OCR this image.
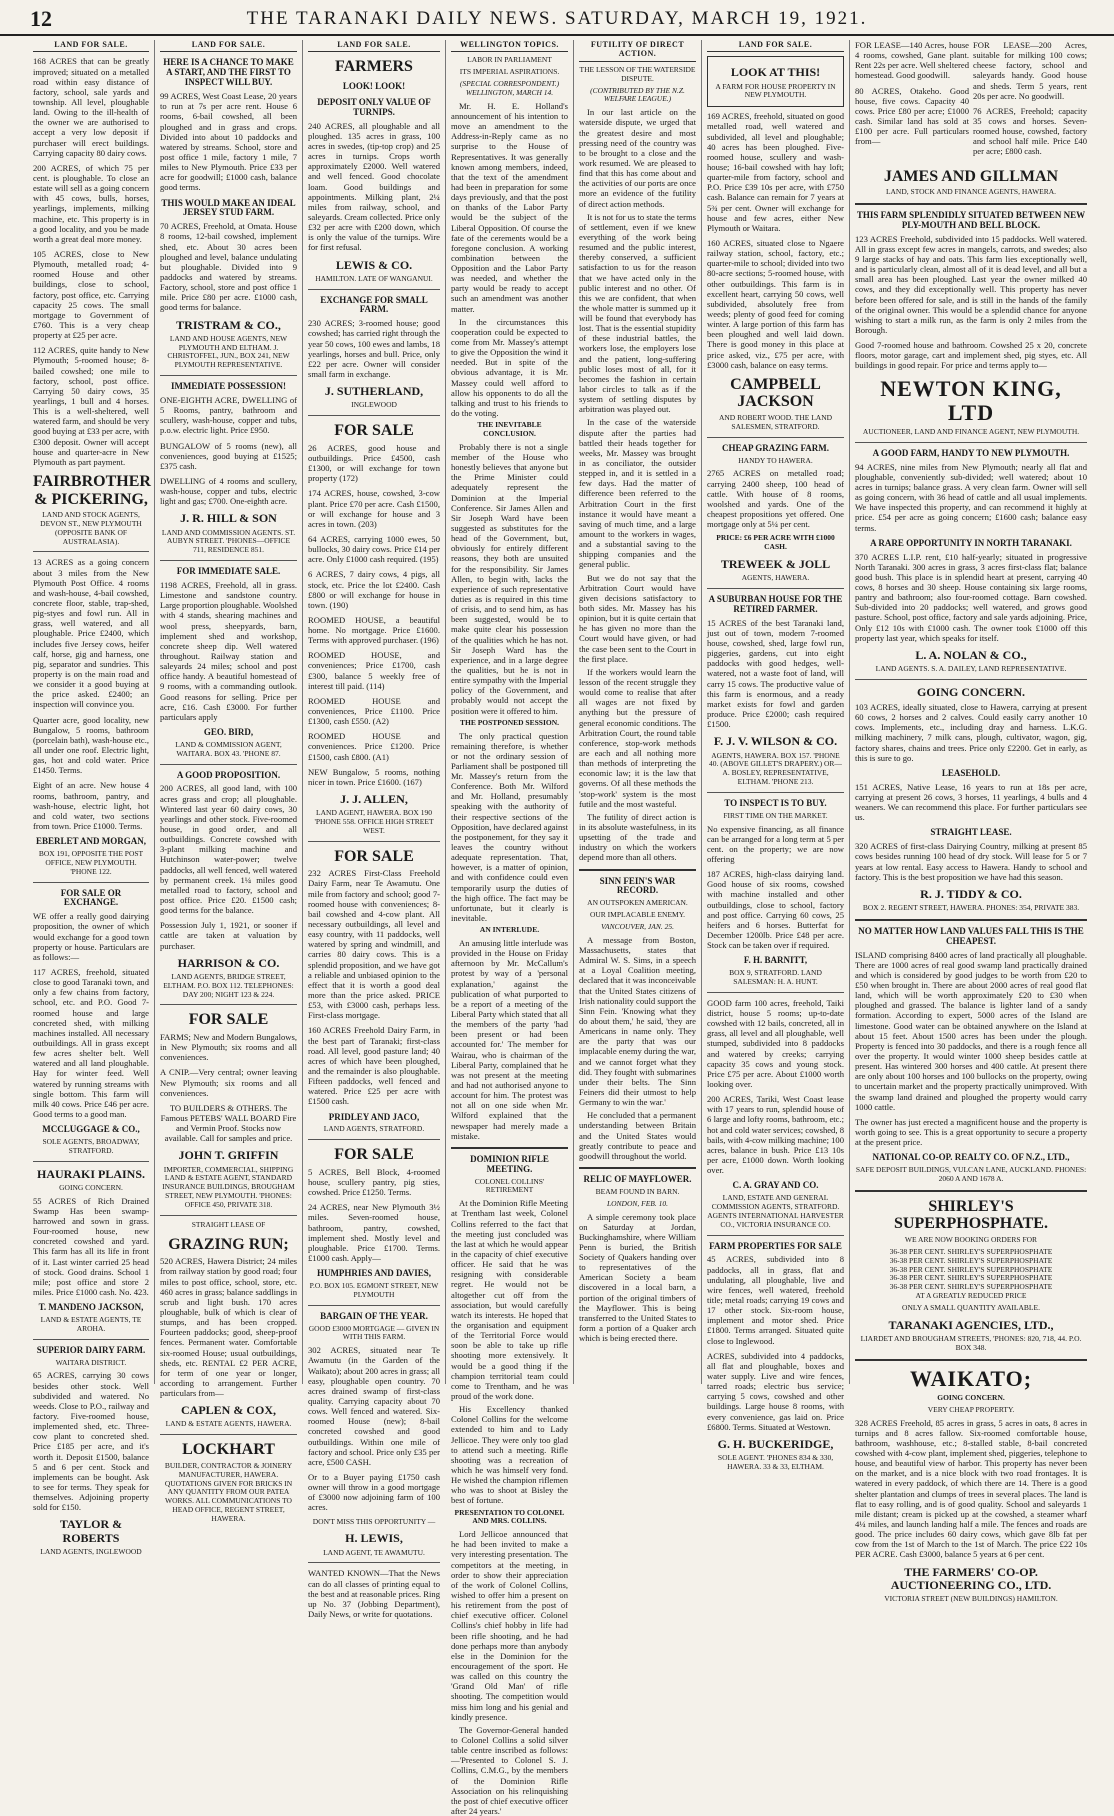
12	THE TARANAKI DAILY NEWS. SATURDAY, MARCH 19, 1921.
LAND FOR SALE.
168 ACRES that can be greatly improved; situated on a metalled road within easy distance of factory, school, sale yards and township. All level, ploughable land. Owing to the ill-health of the owner we are authorised to accept a very low deposit if purchaser will erect buildings. Carrying capacity 80 dairy cows.
200 ACRES, of which 75 per cent. is ploughable. To close an estate will sell as a going concern with 45 cows, bulls, horses, yearlings, implements, milking machine, etc. This property is in a good locality, and you be made worth a great deal more money.
105 ACRES, close to New Plymouth, metalled road; 4-roomed House and other buildings, close to school, factory, post office, etc. Carrying capacity 25 cows. The small mortgage to Government of £760. This is a very cheap property at £25 per acre.
112 ACRES, quite handy to New Plymouth; 5-roomed house; 8-bailed cowshed; one mile to factory, school, post office. Carrying 50 dairy cows, 35 yearlings, 1 bull and 4 horses. This is a well-sheltered, well watered farm, and should be very good buying at £33 per acre, with £300 deposit. Owner will accept house and quarter-acre in New Plymouth as part payment.
FAIRBROTHER & PICKERING,
LAND AND STOCK AGENTS, DEVON ST., NEW PLYMOUTH (OPPOSITE BANK OF AUSTRALASIA).
13 ACRES as a going concern about 3 miles from the New Plymouth Post Office. 4 rooms and wash-house, 4-bail cowshed, concrete floor, stable, trap-shed, pig-styes and fowl run. All in grass, well watered, and all ploughable. Price £2400, which includes five Jersey cows, heifer calf, horse, gig and harness, one pig, separator and sundries. This property is on the main road and we consider it a good buying at the price asked. £2400; an inspection will convince you.
Quarter acre, good locality, new Bungalow, 5 rooms, bathroom (porcelain bath), wash-house etc., all under one roof. Electric light, gas, hot and cold water. Price £1450. Terms.
Eight of an acre. New house 4 rooms, bathroom, pantry, and wash-house, electric light, hot and cold water, two sections from town. Price £1000. Terms.
EBERLET AND MORGAN,
BOX 191, OPPOSITE THE POST OFFICE, NEW PLYMOUTH. 'PHONE 122.
FOR SALE OR EXCHANGE.
WE offer a really good dairying proposition, the owner of which would exchange for a good town property or house. Particulars are as follows:—
117 ACRES, freehold, situated close to good Taranaki town, and only a few chains from factory, school, etc. and P.O. Good 7-roomed house and large concreted shed, with milking machines installed. All necessary outbuildings. All in grass except few acres shelter belt. Well watered and all land ploughable. Hay for winter feed. Well watered by running streams with single bottom. This farm will milk 40 cows. Price £46 per acre. Good terms to a good man.
MCCLUGGAGE & CO.,
SOLE AGENTS, BROADWAY, STRATFORD.
HAURAKI PLAINS.
GOING CONCERN.
55 ACRES of Rich Drained Swamp Has been swamp-harrowed and sown in grass. Four-roomed house, new concreted cowshed and yard. This farm has all its life in front of it. Last winter carried 25 head of stock. Good drains. School 1 mile; post office and store 2 miles. Price £1000 cash. No. 423.
T. MANDENO JACKSON,
LAND & ESTATE AGENTS, TE AROHA.
SUPERIOR DAIRY FARM.
WAITARA DISTRICT.
65 ACRES, carrying 30 cows besides other stock. Well subdivided and watered. No weeds. Close to P.O., railway and factory. Five-roomed house, implemented shed, etc. Three-cow plant to concreted shed. Price £185 per acre, and it's worth it. Deposit £1500, balance 5 and 6 per cent. Stock and implements can be bought. Ask to see for terms. They speak for themselves. Adjoining property sold for £150.
TAYLOR & ROBERTS
LAND AGENTS, INGLEWOOD
LAND FOR SALE.
HERE IS A CHANCE TO MAKE A START, AND THE FIRST TO INSPECT WILL BUY.
99 ACRES, West Coast Lease, 20 years to run at 7s per acre rent. House 6 rooms, 6-bail cowshed, all been ploughed and in grass and crops. Divided into about 10 paddocks and watered by streams. School, store and post office 1 mile, factory 1 mile, 7 miles to New Plymouth. Price £33 per acre for goodwill; £1000 cash, balance good terms.
THIS WOULD MAKE AN IDEAL JERSEY STUD FARM.
70 ACRES, Freehold, at Omata. House 8 rooms, 12-bail cowshed, implement shed, etc. About 30 acres been ploughed and level, balance undulating but ploughable. Divided into 9 paddocks and watered by streams. Factory, school, store and post office 1 mile. Price £80 per acre. £1000 cash, good terms for balance.
TRISTRAM & CO.,
LAND AND HOUSE AGENTS, NEW PLYMOUTH AND ELTHAM. J. CHRISTOFFEL, JUN., BOX 241, NEW PLYMOUTH REPRESENTATIVE.
IMMEDIATE POSSESSION!
ONE-EIGHTH ACRE, DWELLING of 5 Rooms, pantry, bathroom and scullery, wash-house, copper and tubs, p.o.w. electric light. Price £950.
BUNGALOW of 5 rooms (new), all conveniences, good buying at £1525; £375 cash.
DWELLING of 4 rooms and scullery, wash-house, copper and tubs, electric light and gas; £700. One-eighth acre.
J. R. HILL & SON
LAND AND COMMISSION AGENTS. ST. AUBYN STREET. 'PHONES—OFFICE 711, RESIDENCE 851.
FOR IMMEDIATE SALE.
1198 ACRES, Freehold, all in grass. Limestone and sandstone country. Large proportion ploughable. Woolshed with 4 stands, shearing machines and wool press, sheepyards, barn, implement shed and workshop, concrete sheep dip. Well watered throughout. Railway station and saleyards 24 miles; school and post office handy. A beautiful homestead of 9 rooms, with a commanding outlook. Good reasons for selling. Price per acre, £16. Cash £3000. For further particulars apply
GEO. BIRD,
LAND & COMMISSION AGENT, WAITARA. BOX 43. 'PHONE 87.
A GOOD PROPOSITION.
200 ACRES, all good land, with 100 acres grass and crop; all ploughable. Wintered last year 60 dairy cows, 30 yearlings and other stock. Five-roomed house, in good order, and all outbuildings. Concrete cowshed with 3-plant milking machine and Hutchinson water-power; twelve paddocks, all well fenced, well watered by permanent creek. 1¼ miles good metalled road to factory, school and post office. Price £20. £1500 cash; good terms for the balance.
Possession July 1, 1921, or sooner if cattle are taken at valuation by purchaser.
HARRISON & CO.
LAND AGENTS, BRIDGE STREET, ELTHAM. P.O. BOX 112. TELEPHONES: DAY 200; NIGHT 123 & 224.
FOR SALE
FARMS; New and Modern Bungalows, in New Plymouth; six rooms and all conveniences.
A CNIP.—Very central; owner leaving New Plymouth; six rooms and all conveniences.
TO BUILDERS & OTHERS. The Famous PETEBS' WALL BOARD Fire and Vermin Proof. Stocks now available. Call for samples and price.
JOHN T. GRIFFIN
IMPORTER, COMMERCIAL, SHIPPING LAND & ESTATE AGENT, STANDARD INSURANCE BUILDINGS, BROUGHAM STREET, NEW PLYMOUTH. 'PHONES: OFFICE 450, PRIVATE 318.
STRAIGHT LEASE OF
GRAZING RUN;
520 ACRES, Hawera District; 24 miles from railway station by good road; four miles to post office, school, store, etc. 460 acres in grass; balance saddlings in scrub and light bush. 170 acres ploughable, bulk of which is clear of stumps, and has been cropped. Fourteen paddocks; good, sheep-proof fences. Permanent water. Comfortable six-roomed House; usual outbuildings, sheds, etc. RENTAL £2 PER ACRE, for term of one year or longer, according to arrangement. Further particulars from—
CAPLEN & COX,
LAND & ESTATE AGENTS, HAWERA.
LOCKHART
BUILDER, CONTRACTOR & JOINERY MANUFACTURER, HAWERA. QUOTATIONS GIVEN FOR BRICKS IN ANY QUANTITY FROM OUR PATEA WORKS. ALL COMMUNICATIONS TO HEAD OFFICE, REGENT STREET, HAWERA.
LAND FOR SALE.
FARMERS
LOOK! LOOK!
DEPOSIT ONLY VALUE OF TURNIPS.
240 ACRES, all ploughable and all ploughed. 135 acres in grass, 100 acres in swedes, (tip-top crop) and 25 acres in turnips. Crops worth approximately £2000. Well watered and well fenced. Good chocolate loam. Good buildings and appointments. Milking plant, 2¼ miles from railway, school, and saleyards. Cream collected. Price only £32 per acre with £200 down, which is only the value of the turnips. Wire for first refusal.
LEWIS & CO.
HAMILTON. LATE OF WANGANUI.
EXCHANGE FOR SMALL FARM.
230 ACRES; 3-roomed house; good cowshed; has carried right through the year 50 cows, 100 ewes and lambs, 18 yearlings, horses and bull. Price, only £22 per acre. Owner will consider small farm in exchange.
J. SUTHERLAND,
INGLEWOOD
FOR SALE
26 ACRES, good house and outbuildings. Price £4500, cash £1300, or will exchange for town property (172)
174 ACRES, house, cowshed, 3-cow plant. Price £70 per acre. Cash £1500, or will exchange for house and 3 acres in town. (203)
64 ACRES, carrying 1000 ewes, 50 bullocks, 30 dairy cows. Price £14 per acre. Only £1000 cash required. (195)
6 ACRES, 7 dairy cows, 4 pigs, all stock, etc. Price the lot £2400. Cash £800 or will exchange for house in town. (190)
ROOMED HOUSE, a beautiful home. No mortgage. Price £1600. Terms with approved purchaser. (196)
ROOMED HOUSE, and conveniences; Price £1700, cash £300, balance 5 weekly free of interest till paid. (114)
ROOMED HOUSE and conveniences, Price £1100. Price £1300, cash £550. (A2)
ROOMED HOUSE and conveniences. Price £1200. Price £1500, cash £800. (A1)
NEW Bungalow, 5 rooms, nothing nicer in town. Price £1600. (167)
J. J. ALLEN,
LAND AGENT, HAWERA. BOX 190 'PHONE 558. OFFICE HIGH STREET WEST.
FOR SALE
232 ACRES First-Class Freehold Dairy Farm, near Te Awamutu. One mile from factory and school; good 7-roomed house with conveniences; 8-bail cowshed and 4-cow plant. All necessary outbuildings, all level and easy country, with 11 paddocks, well watered by spring and windmill, and carries 80 dairy cows. This is a splendid proposition, and we have got a reliable and unbiased opinion to the effect that it is worth a good deal more than the price asked. PRICE £53, with £3000 cash, perhaps less. First-class mortgage.
160 ACRES Freehold Dairy Farm, in the best part of Taranaki; first-class road. All level, good pasture land; 40 acres of which have been ploughed, and the remainder is also ploughable. Fifteen paddocks, well fenced and watered. Price £25 per acre with £1500 cash.
PRIDLEY AND JACO,
LAND AGENTS, STRATFORD.
FOR SALE
5 ACRES, Bell Block, 4-roomed house, scullery pantry, pig sties, cowshed. Price £1250. Terms.
24 ACRES, near New Plymouth 3½ miles. Seven-roomed house, bathroom, pantry, cowshed, implement shed. Mostly level and ploughable. Price £1700. Terms. £1000 cash. Apply—
HUMPHRIES AND DAVIES,
P.O. BOX 105. EGMONT STREET, NEW PLYMOUTH
BARGAIN OF THE YEAR.
GOOD £3000 MORTGAGE — GIVEN IN WITH THIS FARM.
302 ACRES, situated near Te Awamutu (in the Garden of the Waikato); about 200 acres in grass; all easy, ploughable open country. 70 acres drained swamp of first-class quality. Carrying capacity about 70 cows. Well fenced and watered. Six-roomed House (new); 8-bail concreted cowshed and good outbuildings. Within one mile of factory and school. Price only £35 per acre, £500 CASH.
Or to a Buyer paying £1750 cash owner will throw in a good mortgage of £3000 now adjoining farm of 100 acres.
DON'T MISS THIS OPPORTUNITY —
H. LEWIS,
LAND AGENT, TE AWAMUTU.
WANTED KNOWN—That the News can do all classes of printing equal to the best and at reasonable prices. Ring up No. 37 (Jobbing Department), Daily News, or write for quotations.
WELLINGTON TOPICS.
LABOR IN PARLIAMENT
ITS IMPERIAL ASPIRATIONS.
(SPECIAL CORRESPONDENT.) WELLINGTON, MARCH 14.
Mr. H. E. Holland's announcement of his intention to move an amendment to the Address-in-Reply came as no surprise to the House of Representatives. It was generally known among members, indeed, that the text of the amendment had been in preparation for some days previously, and that the post on thanks of the Labor Party would be the subject of the Liberal Opposition. Of course the fate of the cerements would be a foregone conclusion. A working combination between the Opposition and the Labor Party was needed, and whether the party would be ready to accept such an amendment was another matter.
In the circumstances this cooperation could be expected to come from Mr. Massey's attempt to give the Opposition the wind it needed. But in spite of the obvious advantage, it is Mr. Massey could well afford to allow his opponents to do all the talking and trust to his friends to do the voting.
THE INEVITABLE CONCLUSION.
Probably there is not a single member of the House who honestly believes that anyone but the Prime Minister could adequately represent the Dominion at the Imperial Conference. Sir James Allen and Sir Joseph Ward have been suggested as substitutes for the head of the Government, but, obviously for entirely different reasons, they both are unsuited for the responsibility. Sir James Allen, to begin with, lacks the experience of such representative duties as is required in this time of crisis, and to send him, as has been suggested, would be to make quite clear his possession of the qualities which he has not. Sir Joseph Ward has the experience, and in a large degree the qualities, but he is not in entire sympathy with the Imperial policy of the Government, and probably would not accept the position were it offered to him.
THE POSTPONED SESSION.
The only practical question remaining therefore, is whether or not the ordinary session of Parliament shall be postponed till Mr. Massey's return from the Conference. Both Mr. Wilford and Mr. Holland, presumably speaking with the authority of their respective sections of the Opposition, have declared against the postponement, for they say it leaves the country without adequate representation. That, however, is a matter of opinion, and with confidence could even temporarily usurp the duties of the high office. The fact may be unfortunate, but it clearly is inevitable.
AN INTERLUDE.
An amusing little interlude was provided in the House on Friday afternoon by Mr. McCallum's protest by way of a 'personal explanation,' against the publication of what purported to be a report of a meeting of the Liberal Party which stated that all the members of the party 'had been present or had been accounted for.' The member for Wairau, who is chairman of the Liberal Party, complained that he was not present at the meeting and had not authorised anyone to account for him. The protest was not all on one side when Mr. Wilford explained that the newspaper had merely made a mistake.
DOMINION RIFLE MEETING.
COLONEL COLLINS' RETIREMENT
At the Dominion Rifle Meeting at Trentham last week, Colonel Collins referred to the fact that the meeting just concluded was the last at which he would appear in the capacity of chief executive officer. He said that he was resigning with considerable regret. He would not be altogether cut off from the association, but would carefully watch its interests. He hoped that the organisation and equipment of the Territorial Force would soon be able to take up rifle shooting more extensively. It would be a good thing if the champion territorial team could come to Trentham, and he was proud of the work done.
His Excellency thanked Colonel Collins for the welcome extended to him and to Lady Jellicoe. They were only too glad to attend such a meeting. Rifle shooting was a recreation of which he was himself very fond. He wished the champion riflemen who was to shoot at Bisley the best of fortune.
PRESENTATION TO COLONEL AND MRS. COLLINS.
Lord Jellicoe announced that he had been invited to make a very interesting presentation. The competitors at the meeting, in order to show their appreciation of the work of Colonel Collins, wished to offer him a present on his retirement from the post of chief executive officer. Colonel Collins's chief hobby in life had been rifle shooting, and he had done perhaps more than anybody else in the Dominion for the encouragement of the sport. He was called on this country the 'Grand Old Man' of rifle shooting. The competition would miss him long and his genial and kindly presence.
The Governor-General handed to Colonel Collins a solid silver table centre inscribed as follows:—'Presented to Colonel S. J. Collins, C.M.G., by the members of the Dominion Rifle Association on his relinquishing the post of chief executive officer after 24 years.'
FUTILITY OF DIRECT ACTION.
THE LESSON OF THE WATERSIDE DISPUTE.
(CONTRIBUTED BY THE N.Z. WELFARE LEAGUE.)
In our last article on the waterside dispute, we urged that the greatest desire and most pressing need of the country was to be brought to a close and the work resumed. We are pleased to find that this has come about and the activities of our ports are once more an evidence of the futility of direct action methods.
It is not for us to state the terms of settlement, even if we knew everything of the work being resumed and the public interest, thereby conserved, a sufficient satisfaction to us for the reason that we have acted only in the public interest and no other. Of this we are confident, that when the whole matter is summed up it will be found that everybody has lost. That is the essential stupidity of these industrial battles, the workers lose, the employers lose and the patient, long-suffering public loses most of all, for it becomes the fashion in certain labor circles to talk as if the system of settling disputes by arbitration was played out.
In the case of the waterside dispute after the parties had battled their heads together for weeks, Mr. Massey was brought in as conciliator, the outsider stepped in, and it is settled in a few days. Had the matter of difference been referred to the Arbitration Court in the first instance it would have meant a saving of much time, and a large amount to the workers in wages, and a substantial saving to the shipping companies and the general public.
But we do not say that the Arbitration Court would have given decisions satisfactory to both sides. Mr. Massey has his opinion, but it is quite certain that he has given no more than the Court would have given, or had the case been sent to the Court in the first place.
If the workers would learn the lesson of the recent struggle they would come to realise that after all wages are not fixed by anything but the pressure of general economic conditions. The Arbitration Court, the round table conference, stop-work methods are each and all nothing more than methods of interpreting the economic law; it is the law that governs. Of all these methods the 'stop-work' system is the most futile and the most wasteful.
The futility of direct action is in its absolute wastefulness, in its upsetting of the trade and industry on which the workers depend more than all others.
SINN FEIN'S WAR RECORD.
AN OUTSPOKEN AMERICAN.
OUR IMPLACABLE ENEMY.
VANCOUVER, JAN. 25.
A message from Boston, Massachusetts, states that Admiral W. S. Sims, in a speech at a Loyal Coalition meeting, declared that it was inconceivable that the United States citizens of Irish nationality could support the Sinn Fein. 'Knowing what they do about them,' he said, 'they are Americans in name only. They are the party that was our implacable enemy during the war, and we cannot forget what they did. They fought with submarines under their belts. The Sinn Feiners did their utmost to help Germany to win the war.'
He concluded that a permanent understanding between Britain and the United States would greatly contribute to peace and goodwill throughout the world.
RELIC OF MAYFLOWER.
BEAM FOUND IN BARN.
LONDON, FEB. 10.
A simple ceremony took place on Saturday at Jordan, Buckinghamshire, where William Penn is buried, the British Society of Quakers handing over to representatives of the American Society a beam discovered in a local barn, a portion of the original timbers of the Mayflower. This is being transferred to the United States to form a portion of a Quaker arch which is being erected there.
LAND FOR SALE.
LOOK AT THIS!
A FARM FOR HOUSE PROPERTY IN NEW PLYMOUTH.
169 ACRES, freehold, situated on good metalled road, well watered and subdivided, all level and ploughable; 40 acres has been ploughed. Five-roomed house, scullery and wash-house; 16-bail cowshed with hay loft; quarter-mile from factory, school and P.O. Price £39 10s per acre, with £750 cash. Balance can remain for 7 years at 5¾ per cent. Owner will exchange for house and few acres, either New Plymouth or Waitara.
160 ACRES, situated close to Ngaere railway station, school, factory, etc.; quarter-mile to school; divided into two 80-acre sections; 5-roomed house, with other outbuildings. This farm is in excellent heart, carrying 50 cows, well subdivided, absolutely free from weeds; plenty of good feed for coming winter. A large portion of this farm has been ploughed and well laid down. There is good money in this place at price asked, viz., £75 per acre, with £3000 cash, balance on easy terms.
CAMPBELL JACKSON
AND ROBERT WOOD. THE LAND SALESMEN, STRATFORD.
CHEAP GRAZING FARM.
HANDY TO HAWERA.
2765 ACRES on metalled road; carrying 2400 sheep, 100 head of cattle. With house of 8 rooms, woolshed and yards. One of the cheapest propositions yet offered. One mortgage only at 5¼ per cent.
PRICE: £6 PER ACRE WITH £1000 CASH.
TREWEEK & JOLL
AGENTS, HAWERA.
A SUBURBAN HOUSE FOR THE RETIRED FARMER.
15 ACRES of the best Taranaki land, just out of town, modern 7-roomed house, cowshed, shed, large fowl run, piggeries, gardens, cut into eight paddocks with good hedges, well-watered, not a waste foot of land, will carry 15 cows. The productive value of this farm is enormous, and a ready market exists for fowl and garden produce. Price £2000; cash required £1500.
F. J. V. WILSON & CO.
AGENTS, HAWERA. BOX 157. 'PHONE 40. (ABOVE GILLET'S DRAPERY.) OR— A. BOSLEY, REPRESENTATIVE, ELTHAM. 'PHONE 213.
TO INSPECT IS TO BUY.
FIRST TIME ON THE MARKET.
No expensive financing, as all finance can be arranged for a long term at 5 per cent. on the property; we are now offering
187 ACRES, high-class dairying land. Good house of six rooms, cowshed with machine installed and other outbuildings, close to school, factory and post office. Carrying 60 cows, 25 heifers and 6 horses. Butterfat for December 1200lb. Price £48 per acre. Stock can be taken over if required.
F. H. BARNITT,
BOX 9, STRATFORD. LAND SALESMAN: H. A. HUNT.
GOOD farm 100 acres, freehold, Taiki district, house 5 rooms; up-to-date cowshed with 12 bails, concreted, all in grass, all level and all ploughable, well stumped, subdivided into 8 paddocks and watered by creeks; carrying capacity 35 cows and young stock. Price £75 per acre. About £1000 worth looking over.
200 ACRES, Tariki, West Coast lease with 17 years to run, splendid house of 6 large and lofty rooms, bathroom, etc.; hot and cold water services; cowshed, 8 bails, with 4-cow milking machine; 100 acres, balance in bush. Price £13 10s per acre, £1000 down. Worth looking over.
C. A. GRAY AND CO.
LAND, ESTATE AND GENERAL COMMISSION AGENTS, STRATFORD. AGENTS INTERNATIONAL HARVESTER CO., VICTORIA INSURANCE CO.
FARM PROPERTIES FOR SALE
45 ACRES, subdivided into 8 paddocks, all in grass, flat and undulating, all ploughable, live and wire fences, well watered, freehold title; metal roads; carrying 19 cows and 17 other stock. Six-room house, implement and motor shed. Price £1800. Terms arranged. Situated quite close to Inglewood.
ACRES, subdivided into 4 paddocks, all flat and ploughable, boxes and water supply. Live and wire fences, tarred roads; electric bus service; carrying 5 cows, cowshed and other buildings. Large house 8 rooms, with every convenience, gas laid on. Price £6800. Terms. Situated at Westown.
G. H. BUCKERIDGE,
SOLE AGENT. 'PHONES 834 & 330, HAWERA. 33 & 33, ELTHAM.
FOR LEASE—140 Acres, house 4 rooms, cowshed, Gane plant. Rent 22s per acre. Well sheltered homestead. Good goodwill.
80 ACRES, Otakeho. Good house, five cows. Capacity 40 cows. Price £80 per acre; £1000 cash. Similar land has sold at £100 per acre. Full particulars from—
FOR LEASE—200 Acres, suitable for milking 100 cows; cheese factory, school and saleyards handy. Good house and sheds. Term 5 years, rent 20s per acre. No goodwill.
76 ACRES, Freehold; capacity 35 cows and horses. Seven-roomed house, cowshed, factory and school half mile. Price £40 per acre; £800 cash.
JAMES AND GILLMAN
LAND, STOCK AND FINANCE AGENTS, HAWERA.
THIS FARM SPLENDIDLY SITUATED BETWEEN NEW PLY-MOUTH AND BELL BLOCK.
123 ACRES Freehold, subdivided into 15 paddocks. Well watered. All in grass except few acres in mangels, carrots, and swedes; also 9 large stacks of hay and oats. This farm lies exceptionally well, and is particularly clean, almost all of it is dead level, and all but a small area has been ploughed. Last year the owner milked 40 cows, and they did exceptionally well. This property has never before been offered for sale, and is still in the hands of the family of the original owner. This would be a splendid chance for anyone wishing to start a milk run, as the farm is only 2 miles from the Borough.
Good 7-roomed house and bathroom. Cowshed 25 x 20, concrete floors, motor garage, cart and implement shed, pig styes, etc. All buildings in good repair. For price and terms apply to—
NEWTON KING, LTD
AUCTIONEER, LAND AND FINANCE AGENT, NEW PLYMOUTH.
A GOOD FARM, HANDY TO NEW PLYMOUTH.
94 ACRES, nine miles from New Plymouth; nearly all flat and ploughable, conveniently sub-divided; well watered; about 10 acres in turnips; balance grass. A very clean farm. Owner will sell as going concern, with 36 head of cattle and all usual implements. We have inspected this property, and can recommend it highly at price. £54 per acre as going concern; £1600 cash; balance easy terms.
A RARE OPPORTUNITY IN NORTH TARANAKI.
370 ACRES L.I.P. rent, £10 half-yearly; situated in progressive North Taranaki. 300 acres in grass, 3 acres first-class flat; balance good bush. This place is in splendid heart at present, carrying 40 cows, 8 horses and 30 sheep. House containing six large rooms, pantry and bathroom; also four-roomed cottage. Barn cowshed. Sub-divided into 20 paddocks; well watered, and grows good pasture. School, post office, factory and sale yards adjoining. Price, Only £12 10s with £1000 cash. The owner took £1000 off this property last year, which speaks for itself.
L. A. NOLAN & CO.,
LAND AGENTS. S. A. DAILEY, LAND REPRESENTATIVE.
GOING CONCERN.
103 ACRES, ideally situated, close to Hawera, carrying at present 60 cows, 2 horses and 2 calves. Could easily carry another 10 cows. Implements, etc., including dray and harness. L.K.G. milking machinery, 7 milk cans, plough, cultivator, wagon, gig, factory shares, chains and trees. Price only £2200. Get in early, as this is sure to go.
LEASEHOLD.
151 ACRES, Native Lease, 16 years to run at 18s per acre, carrying at present 26 cows, 3 horses, 11 yearlings, 4 bulls and 4 weaners. We can recommend this place. For further particulars see us.
STRAIGHT LEASE.
320 ACRES of first-class Dairying Country, milking at present 85 cows besides running 100 head of dry stock. Will lease for 5 or 7 years at low rental. Easy access to Hawera. Handy to school and factory. This is the best proposition we have had this season.
R. J. TIDDY & CO.
BOX 2. REGENT STREET, HAWERA. PHONES: 354, PRIVATE 383.
NO MATTER HOW LAND VALUES FALL THIS IS THE CHEAPEST.
ISLAND comprising 8400 acres of land practically all ploughable. There are 1000 acres of real good swamp land practically drained and which is considered by good judges to be worth from £20 to £50 when brought in. There are about 2000 acres of real good flat land, which will be worth approximately £20 to £30 when ploughed and grassed. The balance is lighter land of a sandy formation. According to expert, 5000 acres of the Island are limestone. Good water can be obtained anywhere on the Island at about 15 feet. About 1500 acres has been under the plough. Property is fenced into 30 paddocks, and there is a rough fence all over the property. It would winter 1000 sheep besides cattle at present. Has wintered 300 horses and 400 cattle. At present there are only about 100 horses and 100 bullocks on the property, owing to uncertain market and the property practically unimproved. With the swamp land drained and ploughed the property would carry 1000 cattle.
The owner has just erected a magnificent house and the property is worth going to see. This is a great opportunity to secure a property at the present price.
NATIONAL CO-OP. REALTY CO. OF N.Z., LTD.,
SAFE DEPOSIT BUILDINGS, VULCAN LANE, AUCKLAND. PHONES: 2060 A AND 1678 A.
SHIRLEY'S SUPERPHOSPHATE.
WE ARE NOW BOOKING ORDERS FOR
36-38 PER CENT. SHIRLEY'S SUPERPHOSPHATE
36-38 PER CENT. SHIRLEY'S SUPERPHOSPHATE
36-38 PER CENT. SHIRLEY'S SUPERPHOSPHATE
36-38 PER CENT. SHIRLEY'S SUPERPHOSPHATE
36-38 PER CENT. SHIRLEY'S SUPERPHOSPHATE
AT A GREATLY REDUCED PRICE
ONLY A SMALL QUANTITY AVAILABLE.
TARANAKI AGENCIES, LTD.,
LIARDET AND BROUGHAM STREETS, 'PHONES: 820, 718, 44. P.O. BOX 348.
WAIKATO;
GOING CONCERN.
VERY CHEAP PROPERTY.
328 ACRES Freehold, 85 acres in grass, 5 acres in oats, 8 acres in turnips and 8 acres fallow. Six-roomed comfortable house, bathroom, washhouse, etc.; 8-stalled stable, 8-bail concreted cowshed with 4-cow plant, implement shed, piggeries, telephone to house, and beautiful view of harbor. This property has never been on the market, and is a nice block with two road frontages. It is watered in every paddock, of which there are 14. There is a good shelter plantation and clumps of trees in several places. The land is flat to easy rolling, and is of good quality. School and saleyards 1 mile distant; cream is picked up at the cowshed, a steamer wharf 4¼ miles, and launch landing half a mile. The fences and roads are good. The price includes 60 dairy cows, which gave 8lb fat per cow from the 1st of March to the 1st of March. The price £22 10s PER ACRE. Cash £3000, balance 5 years at 6 per cent.
THE FARMERS' CO-OP. AUCTIONEERING CO., LTD.
VICTORIA STREET (NEW BUILDINGS) HAMILTON.
